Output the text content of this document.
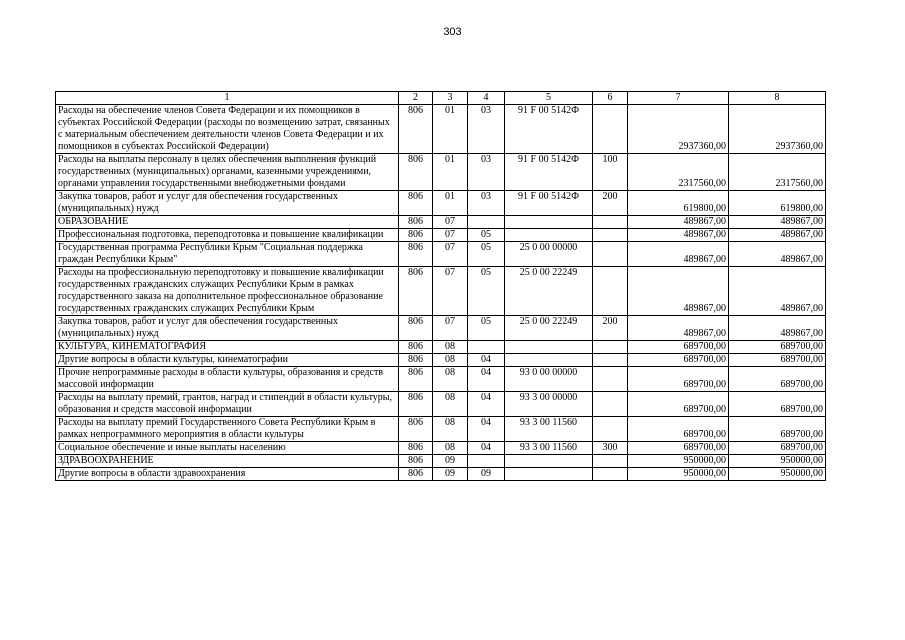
303
1	2	3	4	5	6	7	8
Расходы на обеспечение членов Совета Федерации и их помощников в субъектах Российской Федерации (расходы по возмещению затрат, связанных с материальным обеспечением деятельности членов Совета Федерации и их помощников в субъектах Российской Федерации)	806	01	03	91 F 00 5142Ф		2937360,00	2937360,00
Расходы на выплаты персоналу в целях обеспечения выполнения функций государственных (муниципальных) органами, казенными учреждениями, органами управления государственными внебюджетными фондами	806	01	03	91 F 00 5142Ф	100	2317560,00	2317560,00
Закупка товаров, работ и услуг для обеспечения государственных (муниципальных) нужд	806	01	03	91 F 00 5142Ф	200	619800,00	619800,00
ОБРАЗОВАНИЕ	806	07				489867,00	489867,00
Профессиональная подготовка, переподготовка и повышение квалификации	806	07	05			489867,00	489867,00
Государственная программа Республики Крым "Социальная поддержка граждан Республики Крым"	806	07	05	25 0 00 00000		489867,00	489867,00
Расходы на профессиональную переподготовку и повышение квалификации государственных гражданских служащих Республики Крым в рамках государственного заказа на дополнительное профессиональное образование государственных гражданских служащих Республики Крым	806	07	05	25 0 00 22249		489867,00	489867,00
Закупка товаров, работ и услуг для обеспечения государственных (муниципальных) нужд	806	07	05	25 0 00 22249	200	489867,00	489867,00
КУЛЬТУРА, КИНЕМАТОГРАФИЯ	806	08				689700,00	689700,00
Другие вопросы в области культуры, кинематографии	806	08	04			689700,00	689700,00
Прочие непрограммные расходы в области культуры, образования и средств массовой информации	806	08	04	93 0 00 00000		689700,00	689700,00
Расходы на выплату премий, грантов, наград и стипендий в области культуры, образования и средств массовой информации	806	08	04	93 3 00 00000		689700,00	689700,00
Расходы на выплату премий Государственного Совета Республики Крым в рамках непрограммного мероприятия в области культуры	806	08	04	93 3 00 11560		689700,00	689700,00
Социальное обеспечение и иные выплаты населению	806	08	04	93 3 00 11560	300	689700,00	689700,00
ЗДРАВООХРАНЕНИЕ	806	09				950000,00	950000,00
Другие вопросы в области здравоохранения	806	09	09			950000,00	950000,00
